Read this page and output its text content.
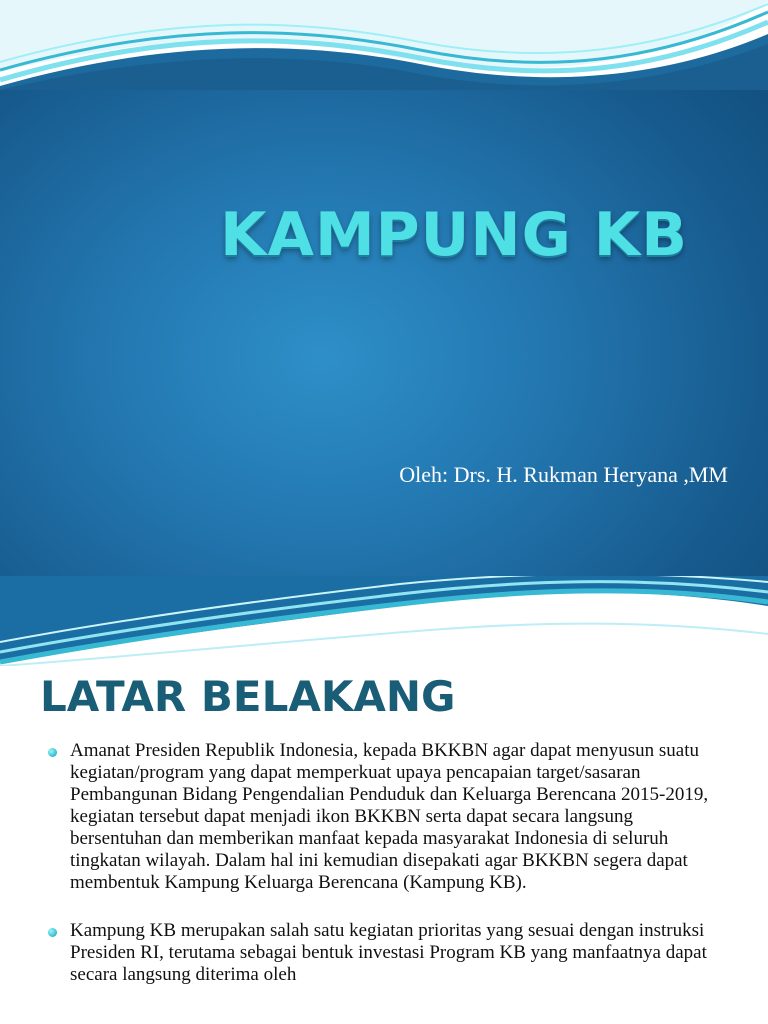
KAMPUNG KB
Oleh: Drs. H. Rukman Heryana ,MM
LATAR BELAKANG
Amanat Presiden Republik Indonesia, kepada BKKBN agar dapat menyusun suatu kegiatan/program yang dapat memperkuat upaya pencapaian target/sasaran Pembangunan Bidang Pengendalian Penduduk dan Keluarga Berencana 2015-2019, kegiatan tersebut dapat menjadi ikon BKKBN serta dapat secara langsung bersentuhan dan memberikan manfaat kepada masyarakat Indonesia di seluruh tingkatan wilayah. Dalam hal ini kemudian disepakati agar BKKBN segera dapat membentuk Kampung Keluarga Berencana (Kampung KB).
Kampung KB merupakan salah satu kegiatan prioritas yang sesuai dengan instruksi Presiden RI, terutama sebagai bentuk investasi Program KB yang manfaatnya dapat secara langsung diterima oleh
